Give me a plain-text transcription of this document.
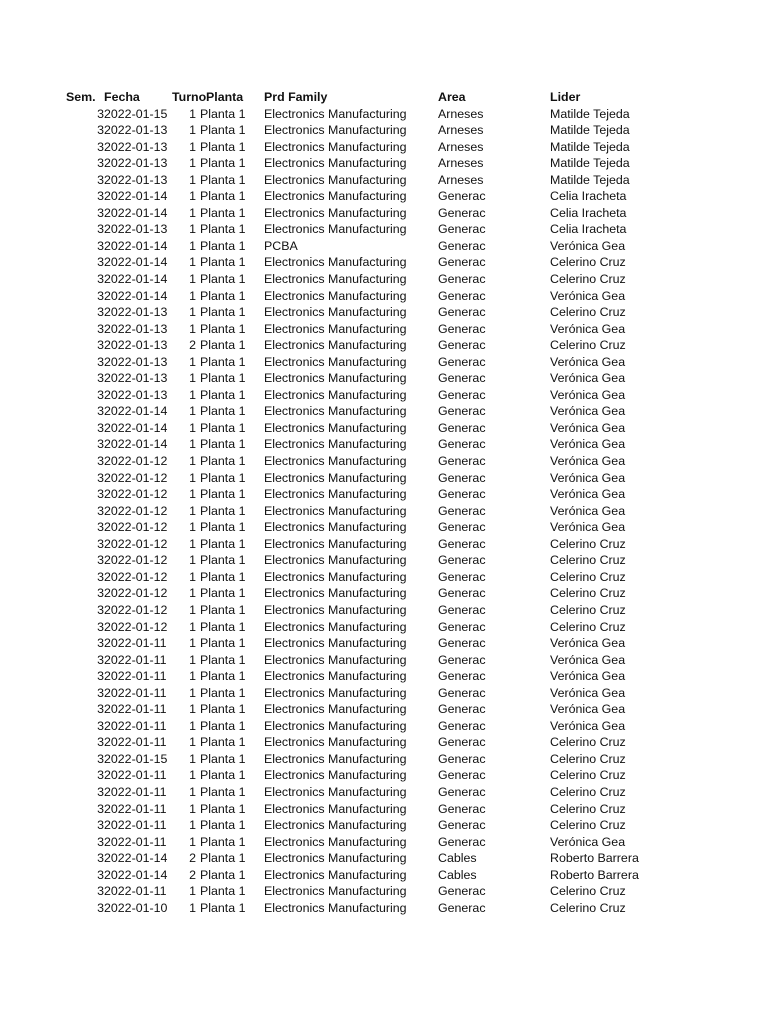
Sem. Fecha	Turno Planta Prd Family	Area	Lider
3 2022-01-15	1 Planta 1 Electronics Manufacturing	Arneses	Matilde Tejeda
3 2022-01-13	1 Planta 1 Electronics Manufacturing	Arneses	Matilde Tejeda
3 2022-01-13	1 Planta 1 Electronics Manufacturing	Arneses	Matilde Tejeda
3 2022-01-13	1 Planta 1 Electronics Manufacturing	Arneses	Matilde Tejeda
3 2022-01-13	1 Planta 1 Electronics Manufacturing	Arneses	Matilde Tejeda
3 2022-01-14	1 Planta 1 Electronics Manufacturing	Generac	Celia Iracheta
3 2022-01-14	1 Planta 1 Electronics Manufacturing	Generac	Celia Iracheta
3 2022-01-13	1 Planta 1 Electronics Manufacturing	Generac	Celia Iracheta
3 2022-01-14	1 Planta 1 PCBA	Generac	Verónica Gea
3 2022-01-14	1 Planta 1 Electronics Manufacturing	Generac	Celerino Cruz
3 2022-01-14	1 Planta 1 Electronics Manufacturing	Generac	Celerino Cruz
3 2022-01-14	1 Planta 1 Electronics Manufacturing	Generac	Verónica Gea
3 2022-01-13	1 Planta 1 Electronics Manufacturing	Generac	Celerino Cruz
3 2022-01-13	1 Planta 1 Electronics Manufacturing	Generac	Verónica Gea
3 2022-01-13	2 Planta 1 Electronics Manufacturing	Generac	Celerino Cruz
3 2022-01-13	1 Planta 1 Electronics Manufacturing	Generac	Verónica Gea
3 2022-01-13	1 Planta 1 Electronics Manufacturing	Generac	Verónica Gea
3 2022-01-13	1 Planta 1 Electronics Manufacturing	Generac	Verónica Gea
3 2022-01-14	1 Planta 1 Electronics Manufacturing	Generac	Verónica Gea
3 2022-01-14	1 Planta 1 Electronics Manufacturing	Generac	Verónica Gea
3 2022-01-14	1 Planta 1 Electronics Manufacturing	Generac	Verónica Gea
3 2022-01-12	1 Planta 1 Electronics Manufacturing	Generac	Verónica Gea
3 2022-01-12	1 Planta 1 Electronics Manufacturing	Generac	Verónica Gea
3 2022-01-12	1 Planta 1 Electronics Manufacturing	Generac	Verónica Gea
3 2022-01-12	1 Planta 1 Electronics Manufacturing	Generac	Verónica Gea
3 2022-01-12	1 Planta 1 Electronics Manufacturing	Generac	Verónica Gea
3 2022-01-12	1 Planta 1 Electronics Manufacturing	Generac	Celerino Cruz
3 2022-01-12	1 Planta 1 Electronics Manufacturing	Generac	Celerino Cruz
3 2022-01-12	1 Planta 1 Electronics Manufacturing	Generac	Celerino Cruz
3 2022-01-12	1 Planta 1 Electronics Manufacturing	Generac	Celerino Cruz
3 2022-01-12	1 Planta 1 Electronics Manufacturing	Generac	Celerino Cruz
3 2022-01-12	1 Planta 1 Electronics Manufacturing	Generac	Celerino Cruz
3 2022-01-11	1 Planta 1 Electronics Manufacturing	Generac	Verónica Gea
3 2022-01-11	1 Planta 1 Electronics Manufacturing	Generac	Verónica Gea
3 2022-01-11	1 Planta 1 Electronics Manufacturing	Generac	Verónica Gea
3 2022-01-11	1 Planta 1 Electronics Manufacturing	Generac	Verónica Gea
3 2022-01-11	1 Planta 1 Electronics Manufacturing	Generac	Verónica Gea
3 2022-01-11	1 Planta 1 Electronics Manufacturing	Generac	Verónica Gea
3 2022-01-11	1 Planta 1 Electronics Manufacturing	Generac	Celerino Cruz
3 2022-01-15	1 Planta 1 Electronics Manufacturing	Generac	Celerino Cruz
3 2022-01-11	1 Planta 1 Electronics Manufacturing	Generac	Celerino Cruz
3 2022-01-11	1 Planta 1 Electronics Manufacturing	Generac	Celerino Cruz
3 2022-01-11	1 Planta 1 Electronics Manufacturing	Generac	Celerino Cruz
3 2022-01-11	1 Planta 1 Electronics Manufacturing	Generac	Celerino Cruz
3 2022-01-11	1 Planta 1 Electronics Manufacturing	Generac	Verónica Gea
3 2022-01-14	2 Planta 1 Electronics Manufacturing	Cables	Roberto Barrera
3 2022-01-14	2 Planta 1 Electronics Manufacturing	Cables	Roberto Barrera
3 2022-01-11	1 Planta 1 Electronics Manufacturing	Generac	Celerino Cruz
3 2022-01-10	1 Planta 1 Electronics Manufacturing	Generac	Celerino Cruz
